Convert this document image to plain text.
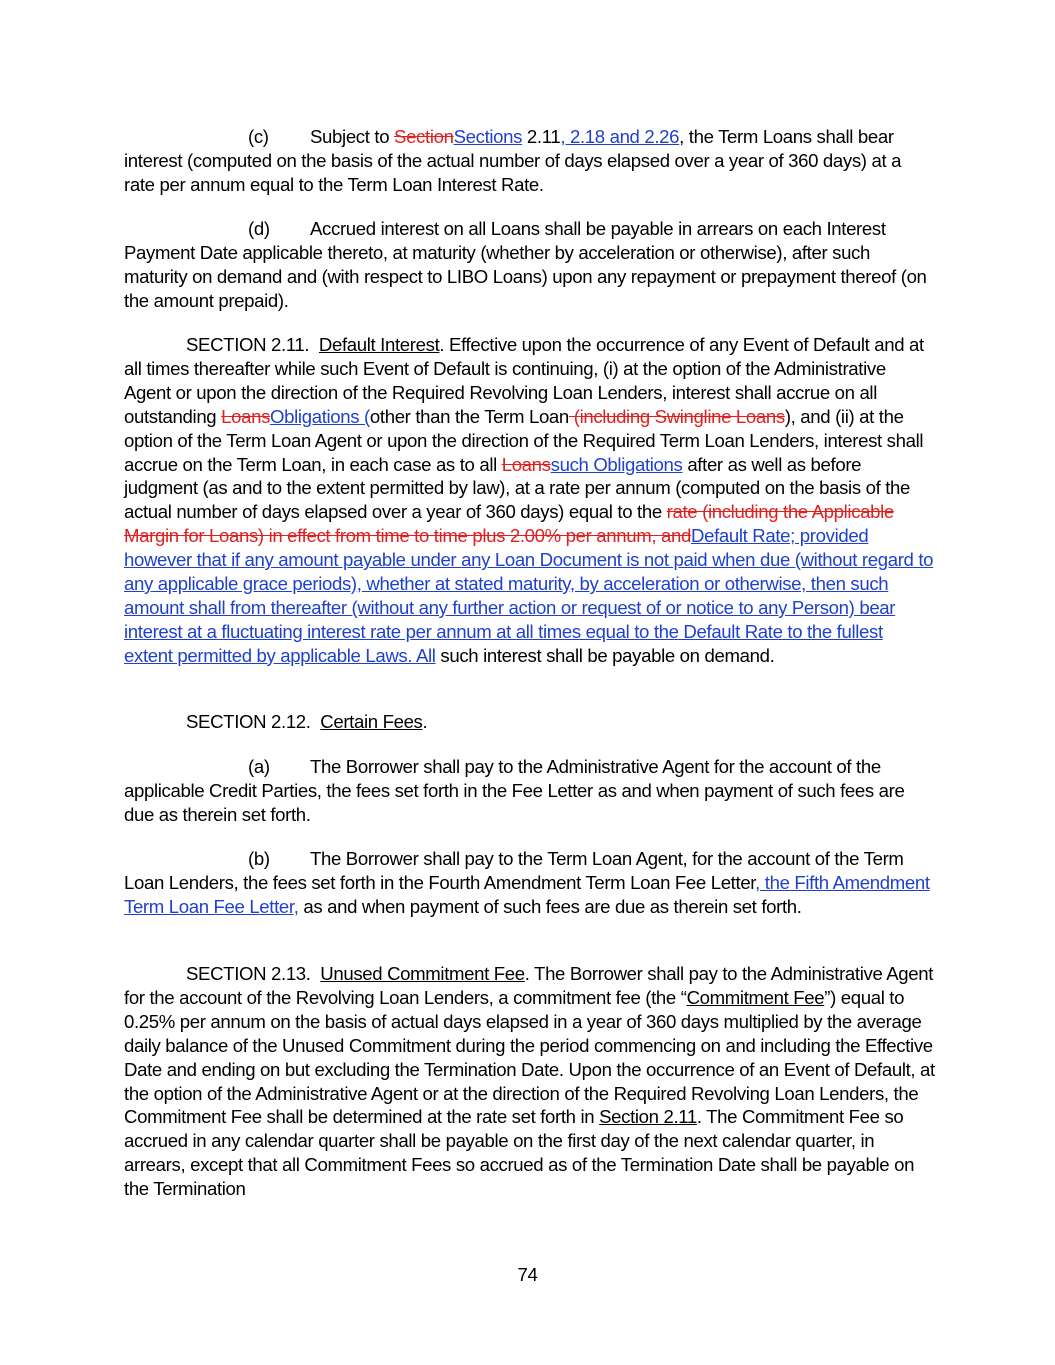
(c) Subject to SectionSections 2.11, 2.18 and 2.26, the Term Loans shall bear interest (computed on the basis of the actual number of days elapsed over a year of 360 days) at a rate per annum equal to the Term Loan Interest Rate.

(d) Accrued interest on all Loans shall be payable in arrears on each Interest Payment Date applicable thereto, at maturity (whether by acceleration or otherwise), after such maturity on demand and (with respect to LIBO Loans) upon any repayment or prepayment thereof (on the amount prepaid).

SECTION 2.11. Default Interest. Effective upon the occurrence of any Event of Default and at all times thereafter while such Event of Default is continuing, (i) at the option of the Administrative Agent or upon the direction of the Required Revolving Loan Lenders, interest shall accrue on all outstanding LoansObligations (other than the Term Loan (including Swingline Loans), and (ii) at the option of the Term Loan Agent or upon the direction of the Required Term Loan Lenders, interest shall accrue on the Term Loan, in each case as to all Loanssuch Obligations after as well as before judgment (as and to the extent permitted by law), at a rate per annum (computed on the basis of the actual number of days elapsed over a year of 360 days) equal to the rate (including the Applicable Margin for Loans) in effect from time to time plus 2.00% per annum, andDefault Rate; provided however that if any amount payable under any Loan Document is not paid when due (without regard to any applicable grace periods), whether at stated maturity, by acceleration or otherwise, then such amount shall from thereafter (without any further action or request of or notice to any Person) bear interest at a fluctuating interest rate per annum at all times equal to the Default Rate to the fullest extent permitted by applicable Laws. All such interest shall be payable on demand.

SECTION 2.12. Certain Fees.

(a) The Borrower shall pay to the Administrative Agent for the account of the applicable Credit Parties, the fees set forth in the Fee Letter as and when payment of such fees are due as therein set forth.

(b) The Borrower shall pay to the Term Loan Agent, for the account of the Term Loan Lenders, the fees set forth in the Fourth Amendment Term Loan Fee Letter, the Fifth Amendment Term Loan Fee Letter, as and when payment of such fees are due as therein set forth.

SECTION 2.13. Unused Commitment Fee. The Borrower shall pay to the Administrative Agent for the account of the Revolving Loan Lenders, a commitment fee (the “Commitment Fee”) equal to 0.25% per annum on the basis of actual days elapsed in a year of 360 days multiplied by the average daily balance of the Unused Commitment during the period commencing on and including the Effective Date and ending on but excluding the Termination Date. Upon the occurrence of an Event of Default, at the option of the Administrative Agent or at the direction of the Required Revolving Loan Lenders, the Commitment Fee shall be determined at the rate set forth in Section 2.11. The Commitment Fee so accrued in any calendar quarter shall be payable on the first day of the next calendar quarter, in arrears, except that all Commitment Fees so accrued as of the Termination Date shall be payable on the Termination

74
